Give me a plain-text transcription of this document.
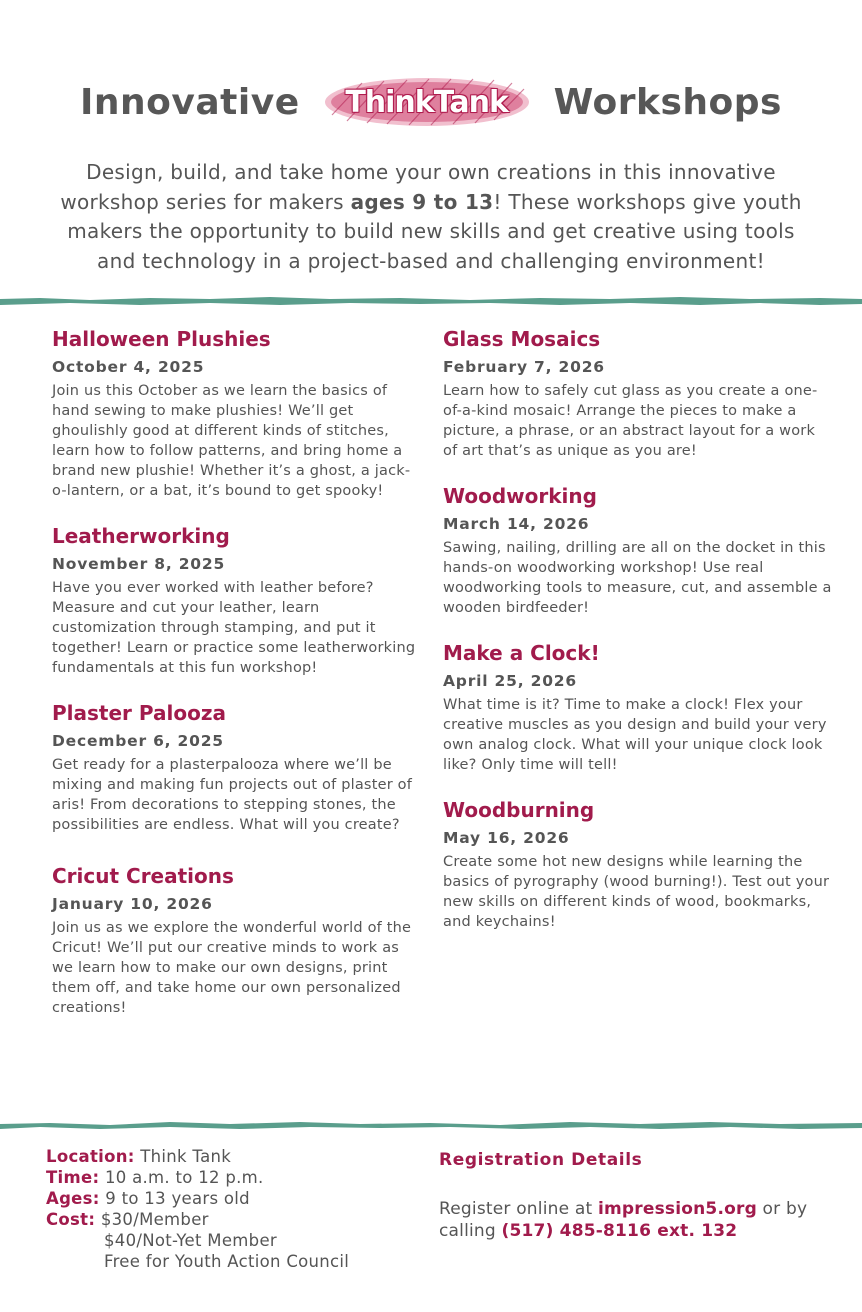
Innovative ThinkTank Workshops
Design, build, and take home your own creations in this innovative workshop series for makers ages 9 to 13! These workshops give youth makers the opportunity to build new skills and get creative using tools and technology in a project-based and challenging environment!
Halloween Plushies
October 4, 2025
Join us this October as we learn the basics of hand sewing to make plushies! We’ll get ghoulishly good at different kinds of stitches, learn how to follow patterns, and bring home a brand new plushie! Whether it’s a ghost, a jack-o-lantern, or a bat, it’s bound to get spooky!
Leatherworking
November 8, 2025
Have you ever worked with leather before? Measure and cut your leather, learn customization through stamping, and put it together! Learn or practice some leatherworking fundamentals at this fun workshop!
Plaster Palooza
December 6, 2025
Get ready for a plasterpalooza where we’ll be mixing and making fun projects out of plaster of aris! From decorations to stepping stones, the possibilities are endless. What will you create?
Cricut Creations
January 10, 2026
Join us as we explore the wonderful world of the Cricut! We’ll put our creative minds to work as we learn how to make our own designs, print them off, and take home our own personalized creations!
Glass Mosaics
February 7, 2026
Learn how to safely cut glass as you create a one-of-a-kind mosaic! Arrange the pieces to make a picture, a phrase, or an abstract layout for a work of art that’s as unique as you are!
Woodworking
March 14, 2026
Sawing, nailing, drilling are all on the docket in this hands-on woodworking workshop! Use real woodworking tools to measure, cut, and assemble a wooden birdfeeder!
Make a Clock!
April 25, 2026
What time is it? Time to make a clock! Flex your creative muscles as you design and build your very own analog clock. What will your unique clock look like? Only time will tell!
Woodburning
May 16, 2026
Create some hot new designs while learning the basics of pyrography (wood burning!). Test out your new skills on different kinds of wood, bookmarks, and keychains!
Location: Think Tank
Time: 10 a.m. to 12 p.m.
Ages: 9 to 13 years old
Cost: $30/Member
$40/Not-Yet Member
Free for Youth Action Council
Registration Details
Register online at impression5.org or by calling (517) 485-8116 ext. 132
